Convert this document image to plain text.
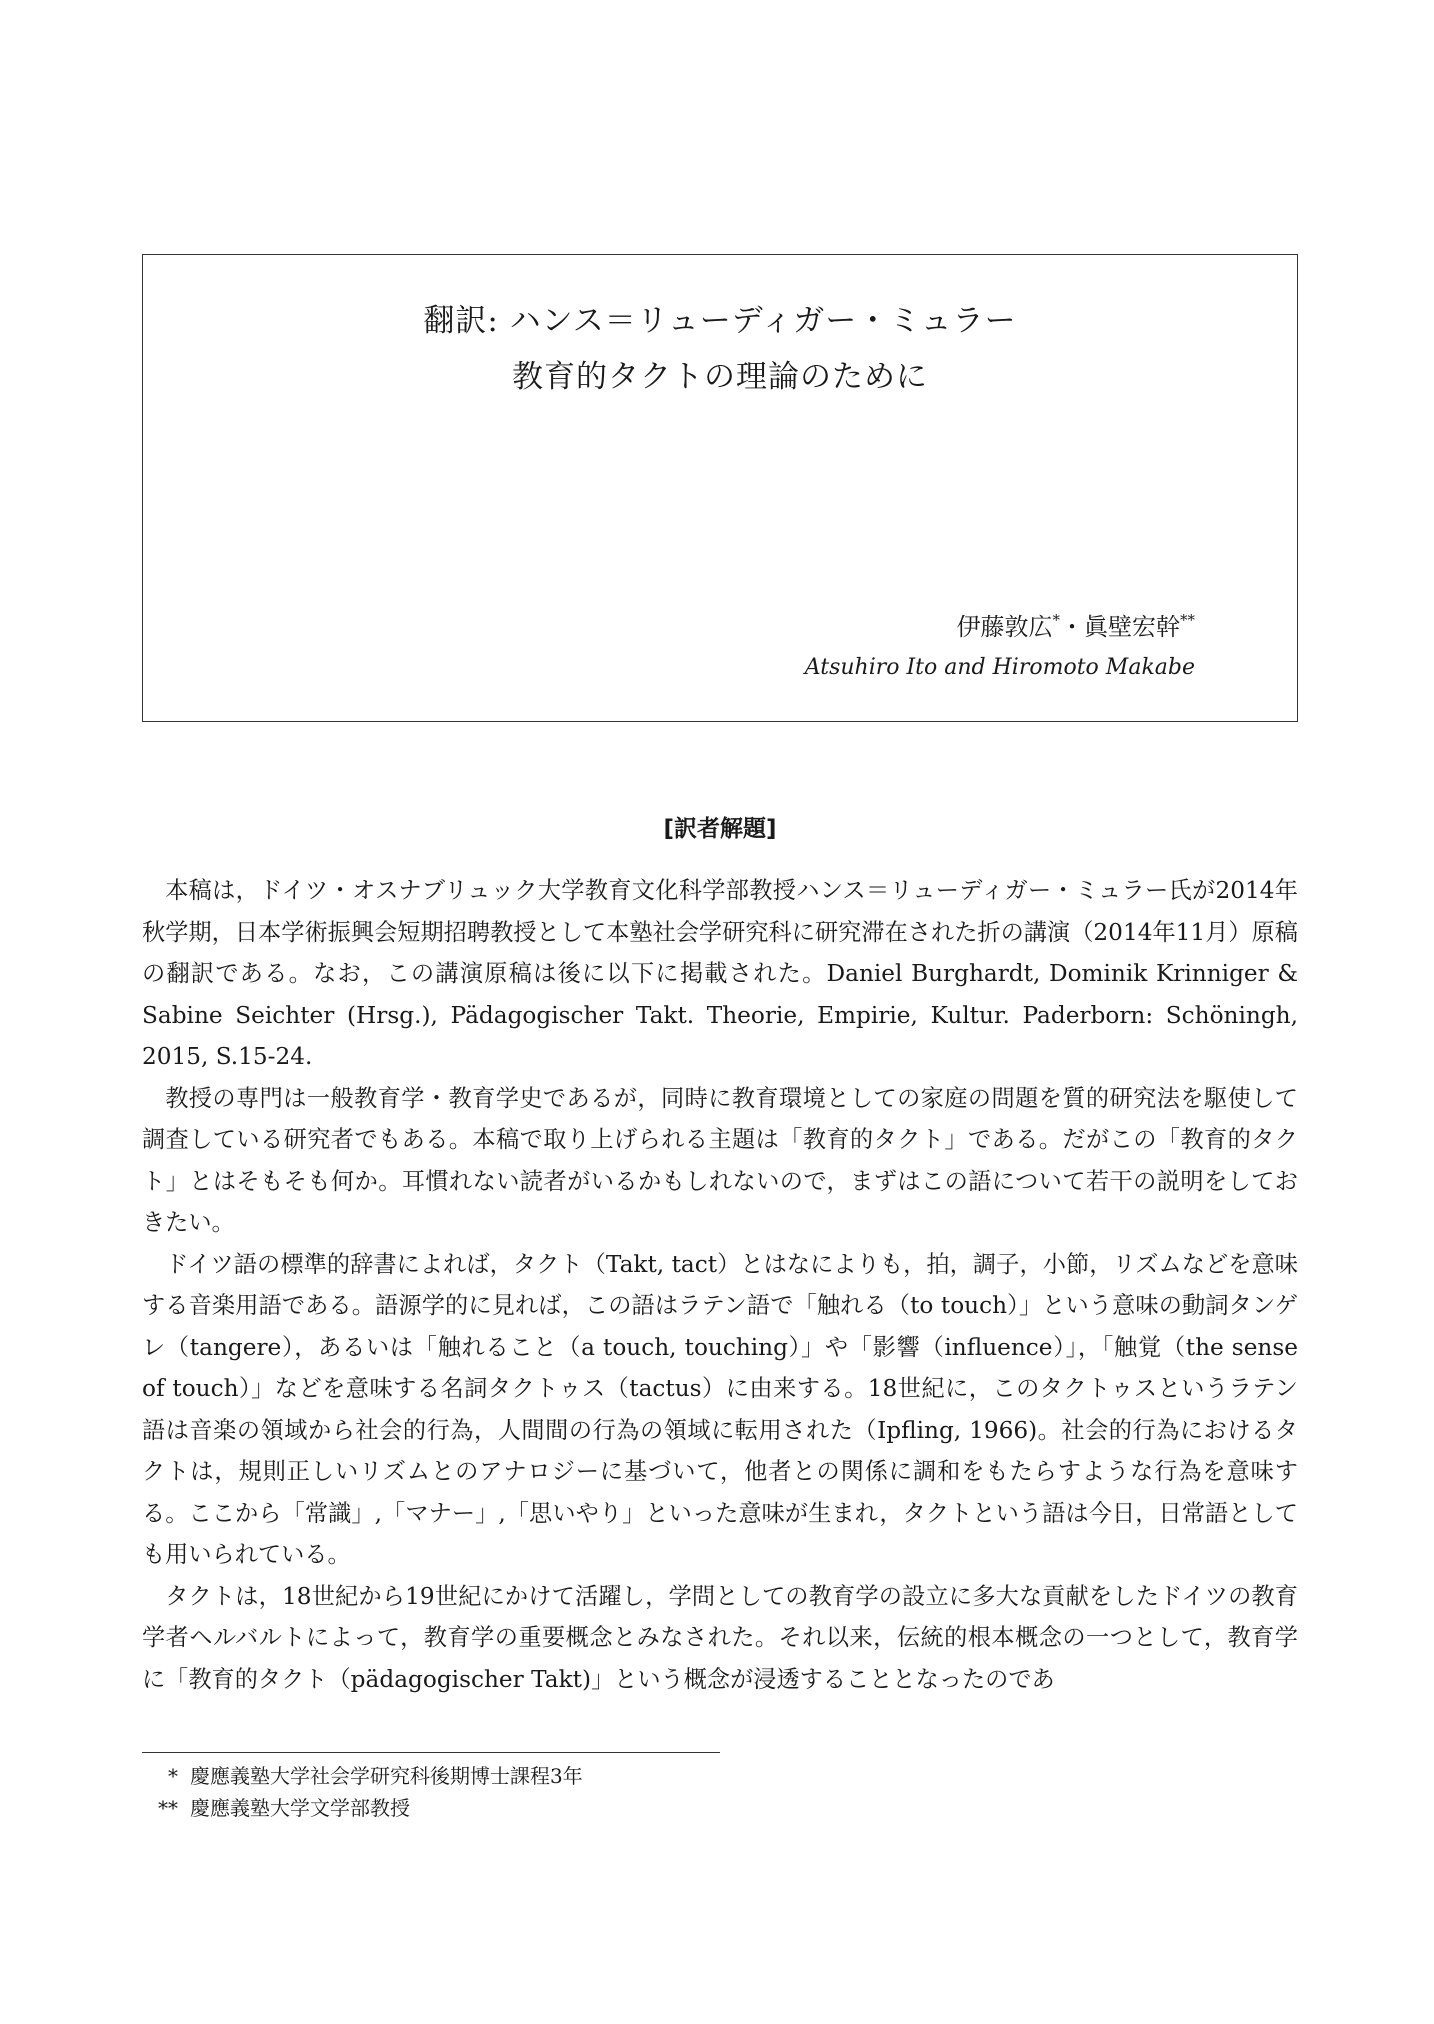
翻訳: ハンス＝リューディガー・ミュラー
教育的タクトの理論のために
伊藤敦広*・眞壁宏幹**
Atsuhiro Ito and Hiromoto Makabe
[訳者解題]

本稿は，ドイツ・オスナブリュック大学教育文化科学部教授ハンス＝リューディガー・ミュラー氏が2014年秋学期，日本学術振興会短期招聘教授として本塾社会学研究科に研究滞在された折の講演（2014年11月）原稿の翻訳である。なお，この講演原稿は後に以下に掲載された。Daniel Burghardt, Dominik Krinniger & Sabine Seichter (Hrsg.), Pädagogischer Takt. Theorie, Empirie, Kultur. Paderborn: Schöningh, 2015, S.15-24.

教授の専門は一般教育学・教育学史であるが，同時に教育環境としての家庭の問題を質的研究法を駆使して調査している研究者でもある。本稿で取り上げられる主題は「教育的タクト」である。だがこの「教育的タクト」とはそもそも何か。耳慣れない読者がいるかもしれないので，まずはこの語について若干の説明をしておきたい。

ドイツ語の標準的辞書によれば，タクト（Takt, tact）とはなによりも，拍，調子，小節，リズムなどを意味する音楽用語である。語源学的に見れば，この語はラテン語で「触れる（to touch）」という意味の動詞タンゲレ（tangere），あるいは「触れること（a touch, touching）」や「影響（influence）」，「触覚（the sense of touch）」などを意味する名詞タクトゥス（tactus）に由来する。18世紀に，このタクトゥスというラテン語は音楽の領域から社会的行為，人間間の行為の領域に転用された（Ipfling, 1966)。社会的行為におけるタクトは，規則正しいリズムとのアナロジーに基づいて，他者との関係に調和をもたらすような行為を意味する。ここから「常識」,「マナー」,「思いやり」といった意味が生まれ，タクトという語は今日，日常語としても用いられている。

タクトは，18世紀から19世紀にかけて活躍し，学問としての教育学の設立に多大な貢献をしたドイツの教育学者ヘルバルトによって，教育学の重要概念とみなされた。それ以来，伝統的根本概念の一つとして，教育学に「教育的タクト（pädagogischer Takt)」という概念が浸透することとなったのであ

* 慶應義塾大学社会学研究科後期博士課程3年
** 慶應義塾大学文学部教授
